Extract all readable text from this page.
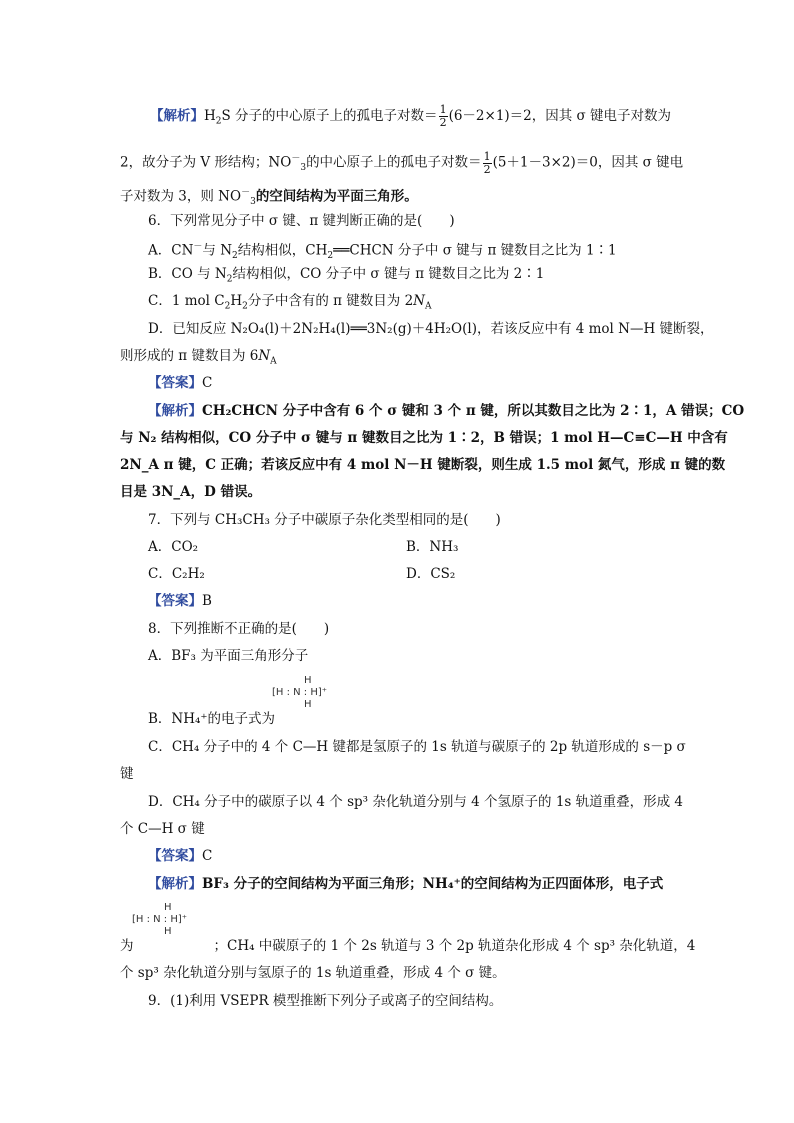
【解析】$H_2S$ 分子的中心原子上的孤电子对数＝ $\frac{1}{2} (6-2\times 1)=2$，因其 σ 键电子对数为
2，故分子为 V 形结构；$NO^-_3$的中心原子上的孤电子对数＝ $\frac{1}{2} (5+1-3\times 2)=0$，因其 σ 键电
子对数为 3，则 $NO^-_3$的空间结构为平面三角形。
6．下列常见分子中 σ 键、π 键判断正确的是(　　)
A．CN－与 $N_2$结构相似，$CH_2══CHCN$ 分子中 σ 键与 π 键数目之比为 1∶1
B．CO 与 $N_2$结构相似，CO 分子中 σ 键与 π 键数目之比为 2∶1
C．1 mol $C_2H_2$分子中含有的 π 键数目为 $2N_A$
D．已知反应 N₂O₄(l)＋2N₂H₄(l)══3N₂(g)＋4H₂O(l)，若该反应中有 4 mol N—H 键断裂，
则形成的 π 键数目为 $6N_A$
【答案】C
【解析】CH₂CHCN 分子中含有 6 个 σ 键和 3 个 π 键，所以其数目之比为 2∶1，A 错误；CO
与 N₂ 结构相似，CO 分子中 σ 键与 π 键数目之比为 1∶2，B 错误；1 mol H—C≡C—H 中含有
2N_A π 键，C 正确；若该反应中有 4 mol N－H 键断裂，则生成 1.5 mol 氮气，形成 π 键的数
目是 3N_A，D 错误。
7．下列与 CH₃CH₃ 分子中碳原子杂化类型相同的是(　　)
A．CO₂	B．NH₃
C．C₂H₂	D．CS₂
【答案】B
8．下列推断不正确的是(　　)
A．BF₃ 为平面三角形分子
H
[H : N : H]⁺
H
B．NH₄⁺的电子式为
C．CH₄ 分子中的 4 个 C—H 键都是氢原子的 1s 轨道与碳原子的 2p 轨道形成的 s－p σ
键
D．CH₄ 分子中的碳原子以 4 个 sp³ 杂化轨道分别与 4 个氢原子的 1s 轨道重叠，形成 4
个 C—H σ 键
【答案】C
【解析】BF₃ 分子的空间结构为平面三角形；NH₄⁺的空间结构为正四面体形，电子式
H
[H : N : H]⁺
H
为	；CH₄ 中碳原子的 1 个 2s 轨道与 3 个 2p 轨道杂化形成 4 个 sp³ 杂化轨道，4
个 sp³ 杂化轨道分别与氢原子的 1s 轨道重叠，形成 4 个 σ 键。
9．(1)利用 VSEPR 模型推断下列分子或离子的空间结构。
